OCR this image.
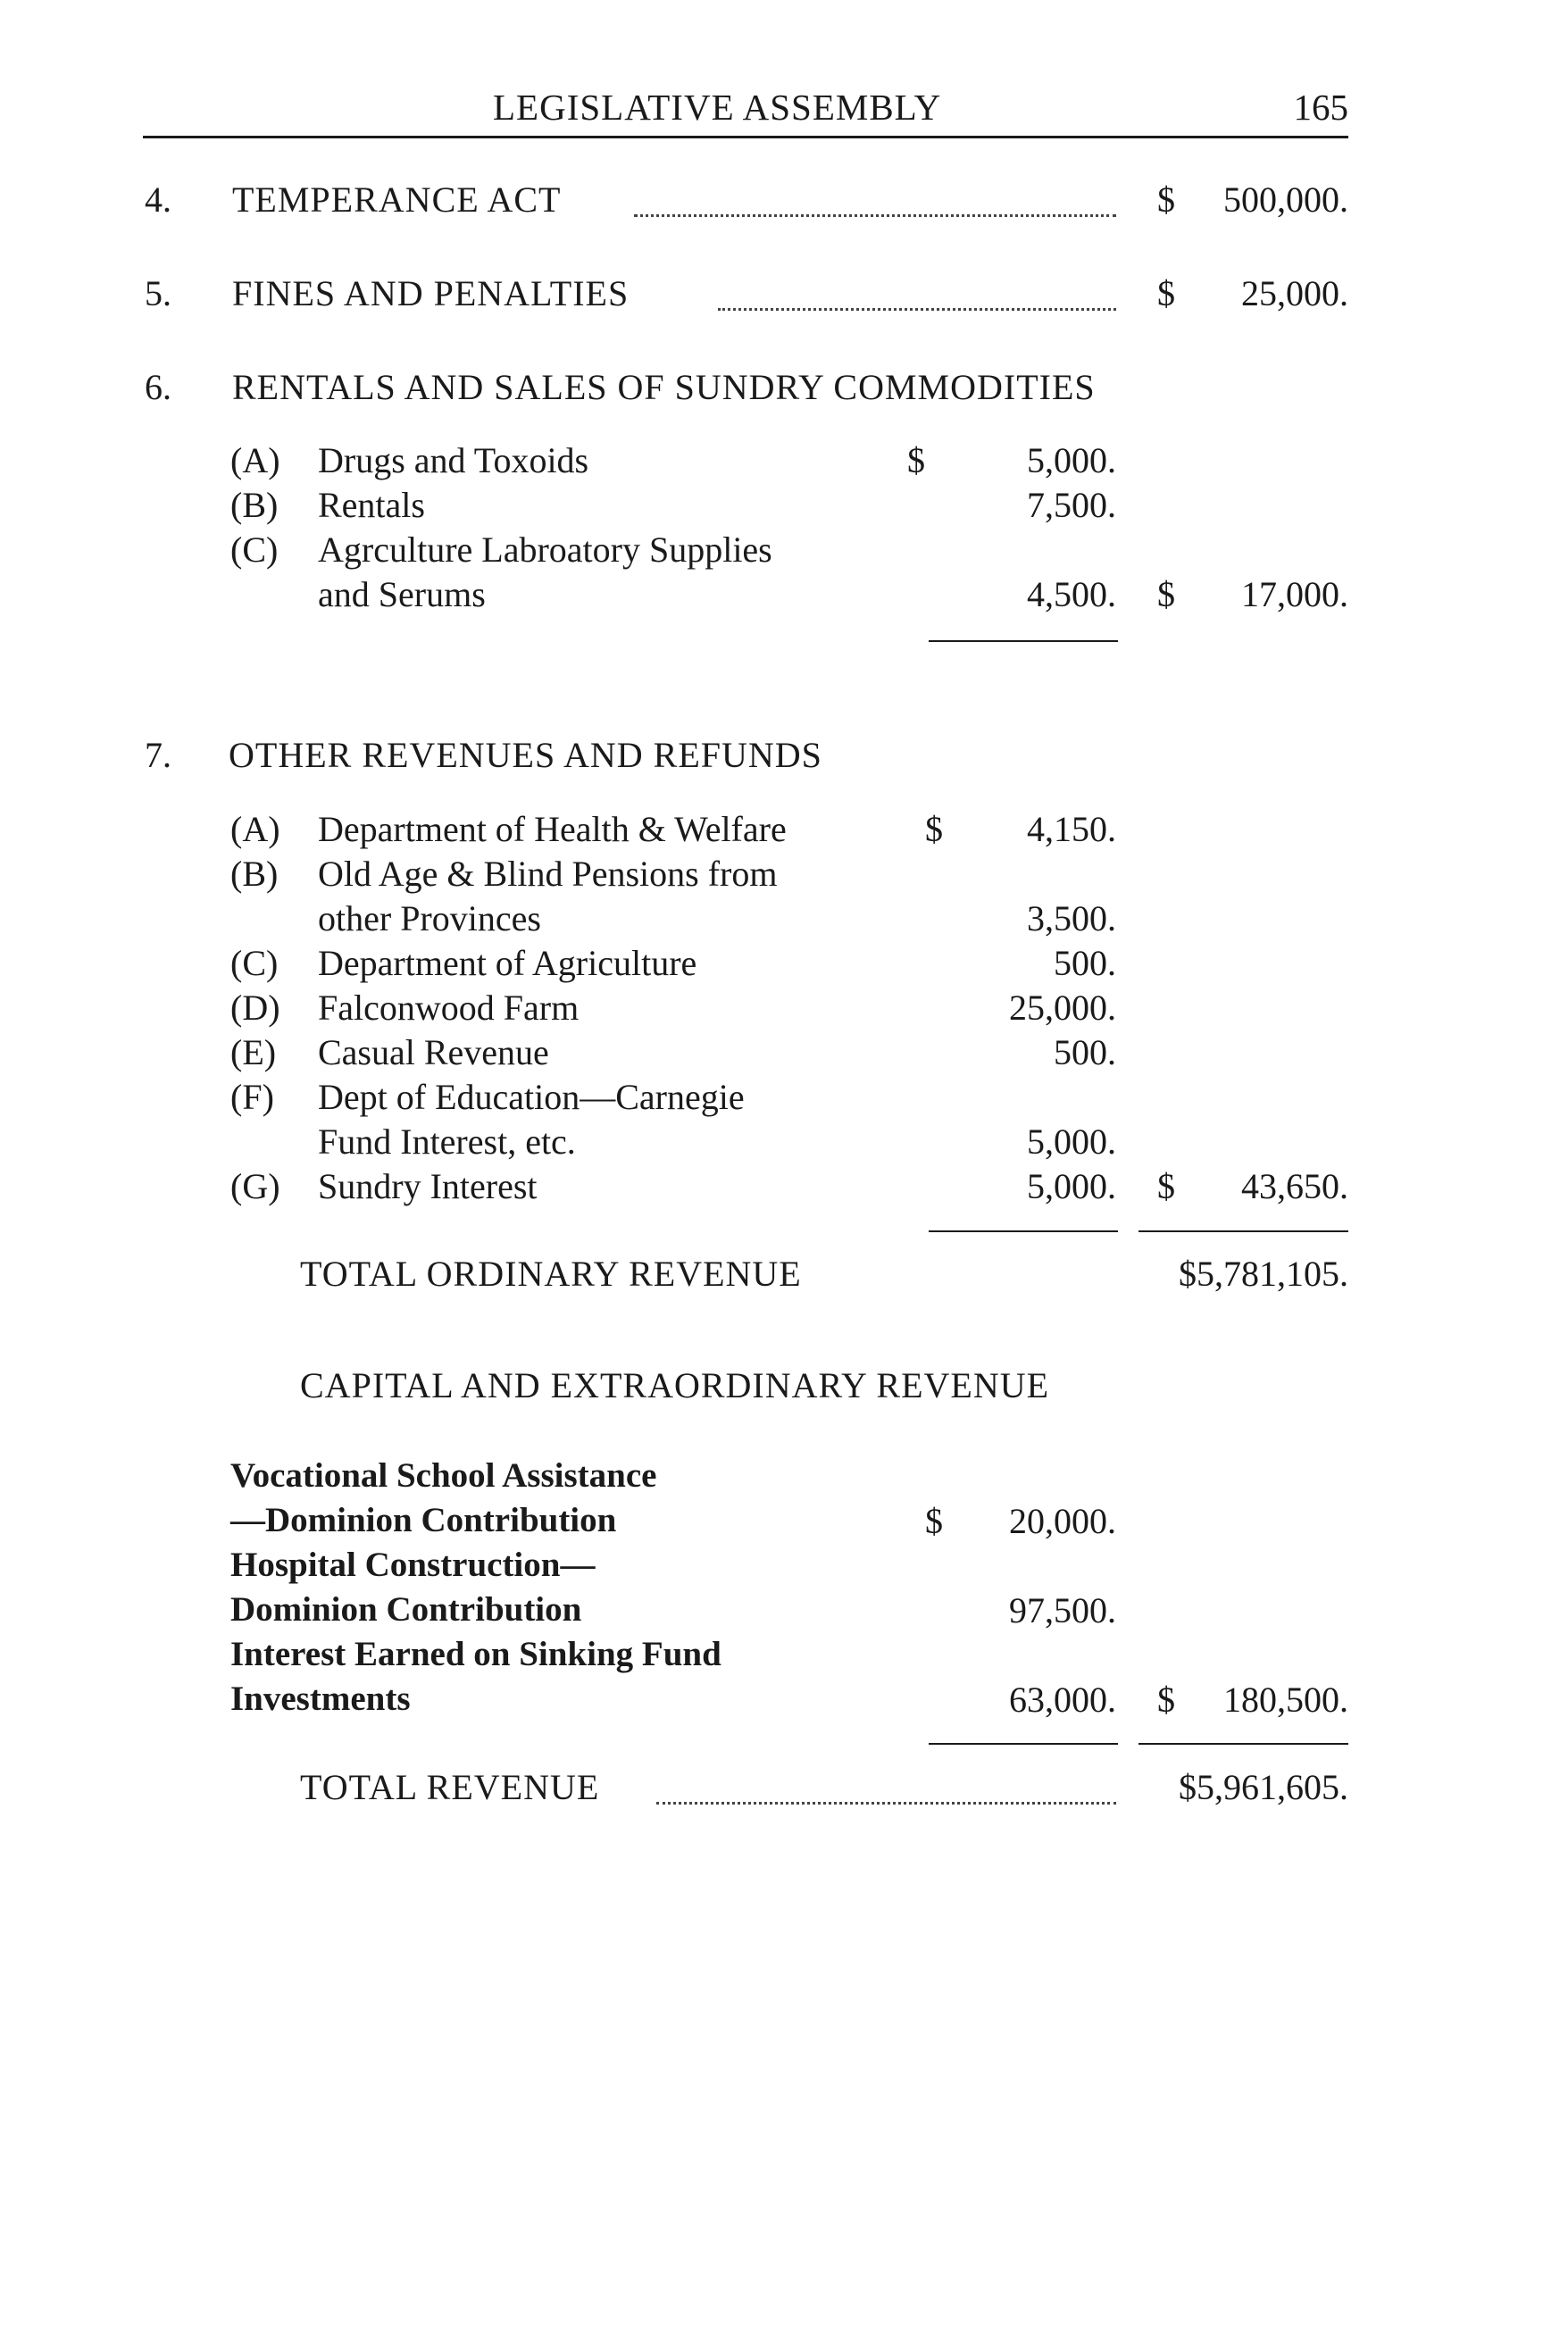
LEGISLATIVE ASSEMBLY	165
4. TEMPERANCE ACT	$	500,000.
5. FINES AND PENALTIES	$	25,000.
6. RENTALS AND SALES OF SUNDRY COMMODITIES
(A) Drugs and Toxoids	$	5,000.
(B) Rentals	7,500.
(C) Agrculture Labroatory Supplies
and Serums	4,500. $	17,000.
7. OTHER REVENUES AND REFUNDS
(A) Department of Health & Welfare	$	4,150.
(B) Old Age & Blind Pensions from
other Provinces	3,500.
(C) Department of Agriculture	500.
(D) Falconwood Farm	25,000.
(E) Casual Revenue	500.
(F) Dept of Education—Carnegie
Fund Interest, etc.	5,000.
(G) Sundry Interest	5,000. $	43,650.
TOTAL ORDINARY REVENUE	$5,781,105.
CAPITAL AND EXTRAORDINARY REVENUE
Vocational School Assistance
—Dominion Contribution	$	20,000.
Hospital Construction—
Dominion Contribution	97,500.
Interest Earned on Sinking Fund
Investments	63,000. $	180,500.
TOTAL REVENUE	$5,961,605.
